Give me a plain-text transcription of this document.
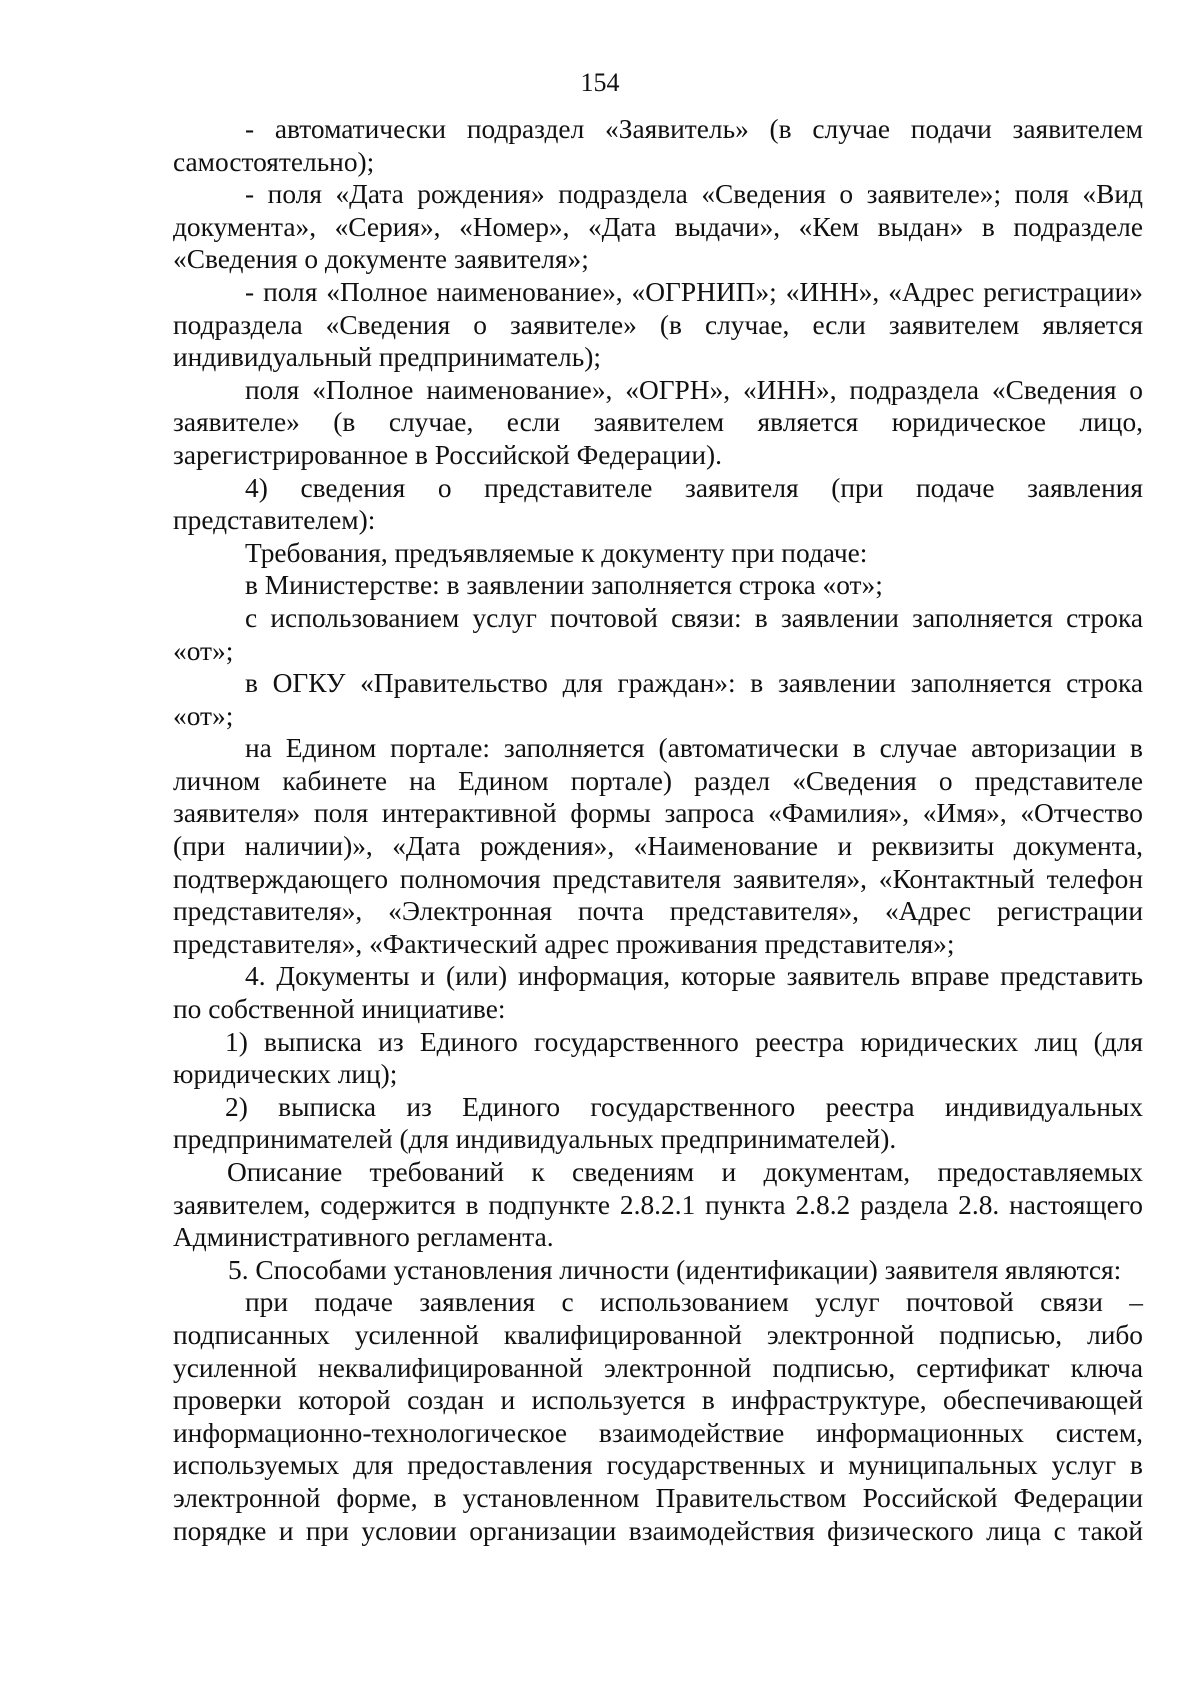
154

- автоматически подраздел «Заявитель» (в случае подачи заявителем самостоятельно);

- поля «Дата рождения» подраздела «Сведения о заявителе»; поля «Вид документа», «Серия», «Номер», «Дата выдачи», «Кем выдан» в подразделе «Сведения о документе заявителя»;

- поля «Полное наименование», «ОГРНИП»; «ИНН», «Адрес регистрации» подраздела «Сведения о заявителе» (в случае, если заявителем является индивидуальный предприниматель);

поля «Полное наименование», «ОГРН», «ИНН», подраздела «Сведения о заявителе» (в случае, если заявителем является юридическое лицо, зарегистрированное в Российской Федерации).

4) сведения о представителе заявителя (при подаче заявления представителем):

Требования, предъявляемые к документу при подаче:

в Министерстве: в заявлении заполняется строка «от»;

с использованием услуг почтовой связи: в заявлении заполняется строка «от»;

в ОГКУ «Правительство для граждан»: в заявлении заполняется строка «от»;

на Едином портале: заполняется (автоматически в случае авторизации в личном кабинете на Едином портале) раздел «Сведения о представителе заявителя» поля интерактивной формы запроса «Фамилия», «Имя», «Отчество (при наличии)», «Дата рождения», «Наименование и реквизиты документа, подтверждающего полномочия представителя заявителя», «Контактный телефон представителя», «Электронная почта представителя», «Адрес регистрации представителя», «Фактический адрес проживания представителя»;

4. Документы и (или) информация, которые заявитель вправе представить по собственной инициативе:

1) выписка из Единого государственного реестра юридических лиц (для юридических лиц);

2) выписка из Единого государственного реестра индивидуальных предпринимателей (для индивидуальных предпринимателей).

Описание требований к сведениям и документам, предоставляемых заявителем, содержится в подпункте 2.8.2.1 пункта 2.8.2 раздела 2.8. настоящего Административного регламента.

5. Способами установления личности (идентификации) заявителя являются:

при подаче заявления с использованием услуг почтовой связи – подписанных усиленной квалифицированной электронной подписью, либо усиленной неквалифицированной электронной подписью, сертификат ключа проверки которой создан и используется в инфраструктуре, обеспечивающей информационно-технологическое взаимодействие информационных систем, используемых для предоставления государственных и муниципальных услуг в электронной форме, в установленном Правительством Российской Федерации порядке и при условии организации взаимодействия физического лица с такой
